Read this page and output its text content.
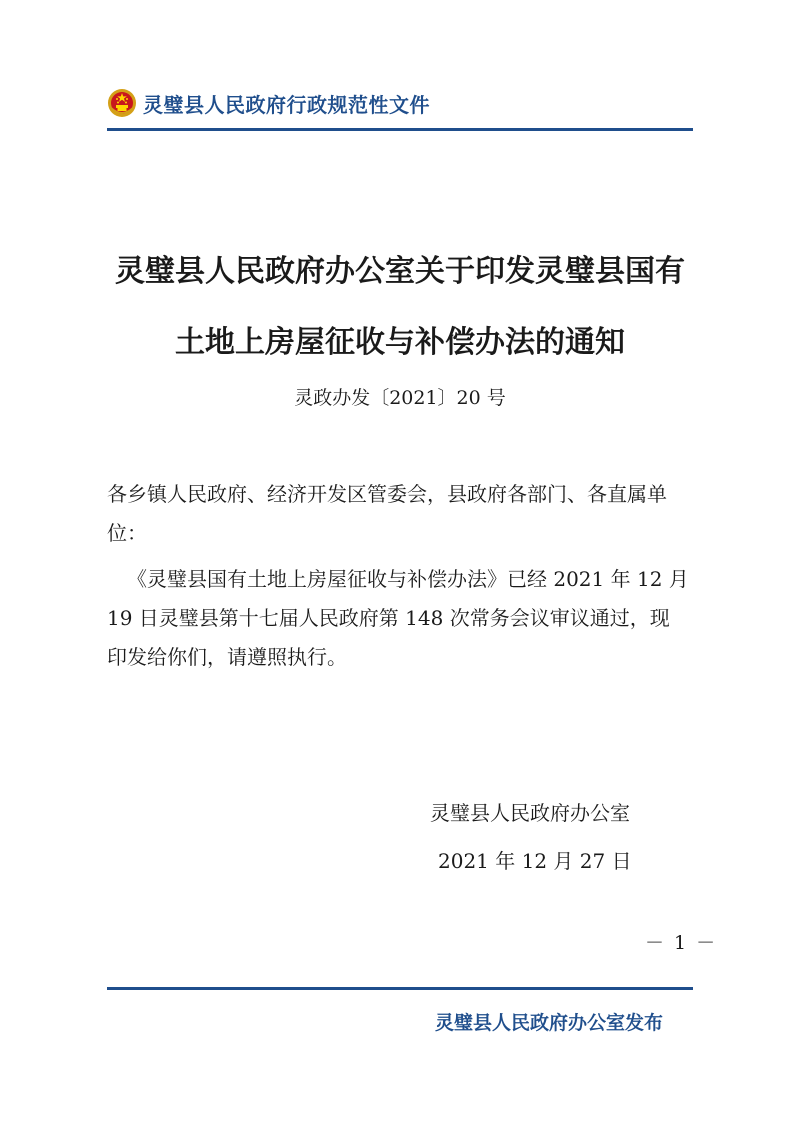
灵璧县人民政府行政规范性文件
灵璧县人民政府办公室关于印发灵璧县国有
土地上房屋征收与补偿办法的通知
灵政办发〔2021〕20 号
各乡镇人民政府、经济开发区管委会，县政府各部门、各直属单
位：
《灵璧县国有土地上房屋征收与补偿办法》已经 2021 年 12 月
19 日灵璧县第十七届人民政府第 148 次常务会议审议通过，现
印发给你们，请遵照执行。
灵璧县人民政府办公室
2021 年 12 月 27 日
－ 1 －
灵璧县人民政府办公室发布
